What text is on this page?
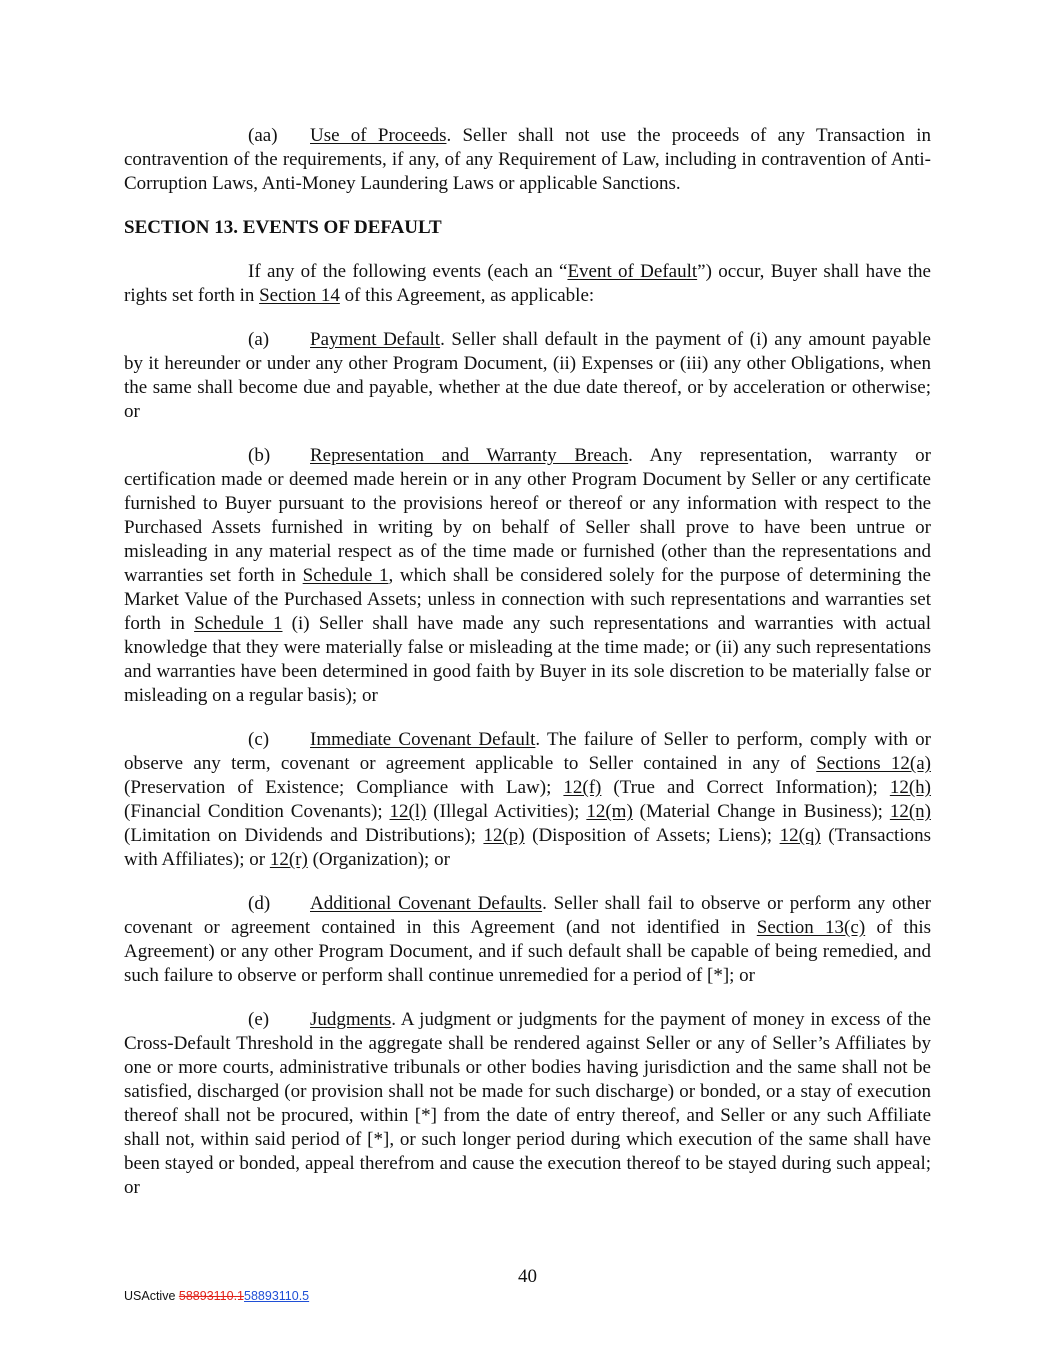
(aa) Use of Proceeds. Seller shall not use the proceeds of any Transaction in contravention of the requirements, if any, of any Requirement of Law, including in contravention of Anti-Corruption Laws, Anti-Money Laundering Laws or applicable Sanctions.

SECTION 13. EVENTS OF DEFAULT

If any of the following events (each an “Event of Default”) occur, Buyer shall have the rights set forth in Section 14 of this Agreement, as applicable:

(a) Payment Default. Seller shall default in the payment of (i) any amount payable by it hereunder or under any other Program Document, (ii) Expenses or (iii) any other Obligations, when the same shall become due and payable, whether at the due date thereof, or by acceleration or otherwise; or

(b) Representation and Warranty Breach. Any representation, warranty or certification made or deemed made herein or in any other Program Document by Seller or any certificate furnished to Buyer pursuant to the provisions hereof or thereof or any information with respect to the Purchased Assets furnished in writing by on behalf of Seller shall prove to have been untrue or misleading in any material respect as of the time made or furnished (other than the representations and warranties set forth in Schedule 1, which shall be considered solely for the purpose of determining the Market Value of the Purchased Assets; unless in connection with such representations and warranties set forth in Schedule 1 (i) Seller shall have made any such representations and warranties with actual knowledge that they were materially false or misleading at the time made; or (ii) any such representations and warranties have been determined in good faith by Buyer in its sole discretion to be materially false or misleading on a regular basis); or

(c) Immediate Covenant Default. The failure of Seller to perform, comply with or observe any term, covenant or agreement applicable to Seller contained in any of Sections 12(a) (Preservation of Existence; Compliance with Law); 12(f) (True and Correct Information); 12(h) (Financial Condition Covenants); 12(l) (Illegal Activities); 12(m) (Material Change in Business); 12(n) (Limitation on Dividends and Distributions); 12(p) (Disposition of Assets; Liens); 12(q) (Transactions with Affiliates); or 12(r) (Organization); or

(d) Additional Covenant Defaults. Seller shall fail to observe or perform any other covenant or agreement contained in this Agreement (and not identified in Section 13(c) of this Agreement) or any other Program Document, and if such default shall be capable of being remedied, and such failure to observe or perform shall continue unremedied for a period of [*]; or

(e) Judgments. A judgment or judgments for the payment of money in excess of the Cross-Default Threshold in the aggregate shall be rendered against Seller or any of Seller’s Affiliates by one or more courts, administrative tribunals or other bodies having jurisdiction and the same shall not be satisfied, discharged (or provision shall not be made for such discharge) or bonded, or a stay of execution thereof shall not be procured, within [*] from the date of entry thereof, and Seller or any such Affiliate shall not, within said period of [*], or such longer period during which execution of the same shall have been stayed or bonded, appeal therefrom and cause the execution thereof to be stayed during such appeal; or

40
USActive 58893110.158893110.5
